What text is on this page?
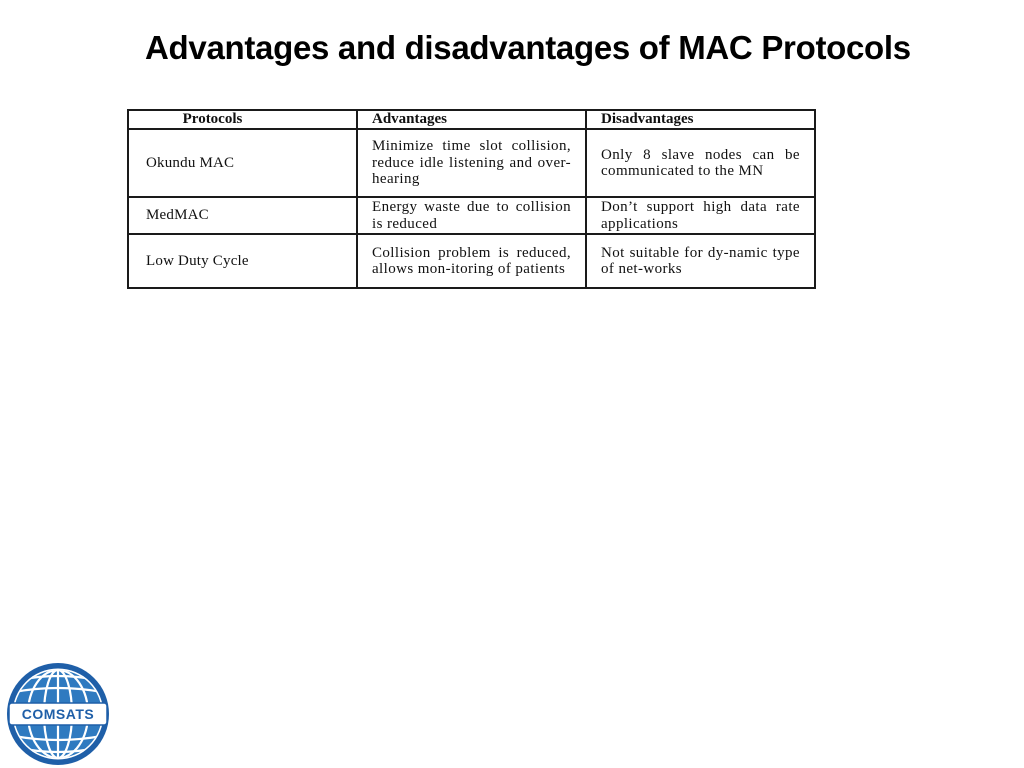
Advantages and disadvantages of MAC Protocols
Protocols	Advantages	Disadvantages
Okundu MAC	Minimize time slot collision, reduce idle listening and over-hearing	Only 8 slave nodes can be communicated to the MN
MedMAC	Energy waste due to collision is reduced	Don’t support high data rate applications
Low Duty Cycle	Collision problem is reduced, allows mon-itoring of patients	Not suitable for dy-namic type of net-works
COMSATS
